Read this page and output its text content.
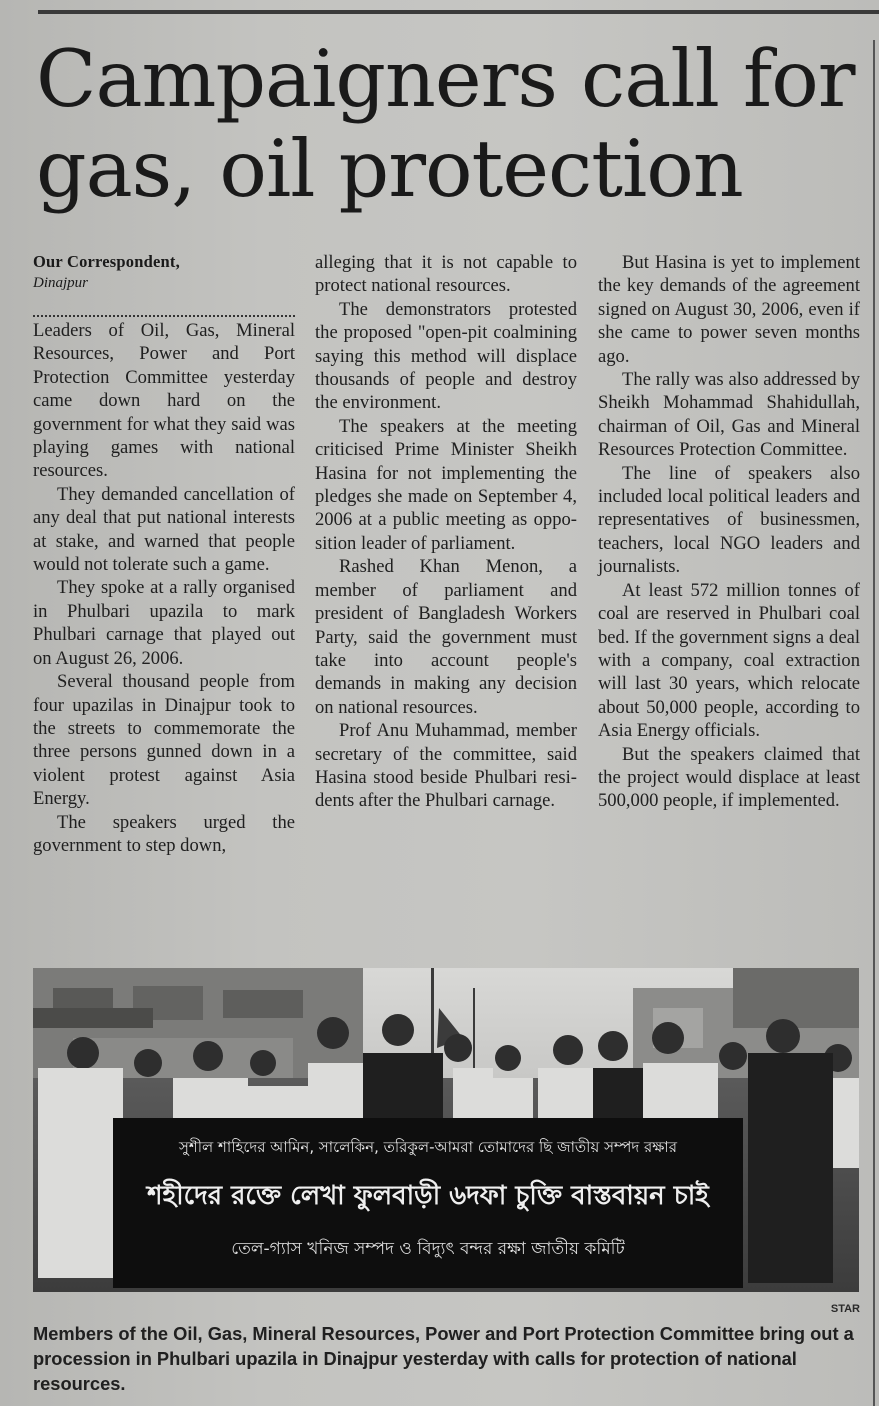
Campaigners call for gas, oil protection
Our Correspondent,
Dinajpur

Leaders of Oil, Gas, Mineral Resources, Power and Port Protection Committee yesterday came down hard on the government for what they said was playing games with national resources.

They demanded cancellation of any deal that put national interests at stake, and warned that people would not tolerate such a game.

They spoke at a rally organised in Phulbari upazila to mark Phulbari carnage that played out on August 26, 2006.

Several thousand people from four upazilas in Dinajpur took to the streets to commemorate the three persons gunned down in a violent protest against Asia Energy.

The speakers urged the government to step down,

alleging that it is not capable to protect national resources.

The demonstrators protested the proposed "open-pit coalmining saying this method will displace thousands of people and destroy the environment.

The speakers at the meeting criticised Prime Minister Sheikh Hasina for not implementing the pledges she made on September 4, 2006 at a public meeting as opposition leader of parliament.

Rashed Khan Menon, a member of parliament and president of Bangladesh Workers Party, said the government must take into account people's demands in making any decision on national resources.

Prof Anu Muhammad, member secretary of the committee, said Hasina stood beside Phulbari residents after the Phulbari carnage.

But Hasina is yet to implement the key demands of the agreement signed on August 30, 2006, even if she came to power seven months ago.

The rally was also addressed by Sheikh Mohammad Shahidullah, chairman of Oil, Gas and Mineral Resources Protection Committee.

The line of speakers also included local political leaders and representatives of businessmen, teachers, local NGO leaders and journalists.

At least 572 million tonnes of coal are reserved in Phulbari coal bed. If the government signs a deal with a company, coal extraction will last 30 years, which relocate about 50,000 people, according to Asia Energy officials.

But the speakers claimed that the project would displace at least 500,000 people, if implemented.

সুশীল শাহিদের আমিন, সালেকিন, তরিকুল-আমরা তোমাদের ছি জাতীয় সম্পদ রক্ষার
শহীদের রক্তে লেখা ফুলবাড়ী ৬দফা চুক্তি বাস্তবায়ন চাই
তেল-গ্যাস খনিজ সম্পদ ও বিদ্যুৎ বন্দর রক্ষা জাতীয় কমিটি
STAR

Members of the Oil, Gas, Mineral Resources, Power and Port Protection Committee bring out a procession in Phulbari upazila in Dinajpur yesterday with calls for protection of national resources.
